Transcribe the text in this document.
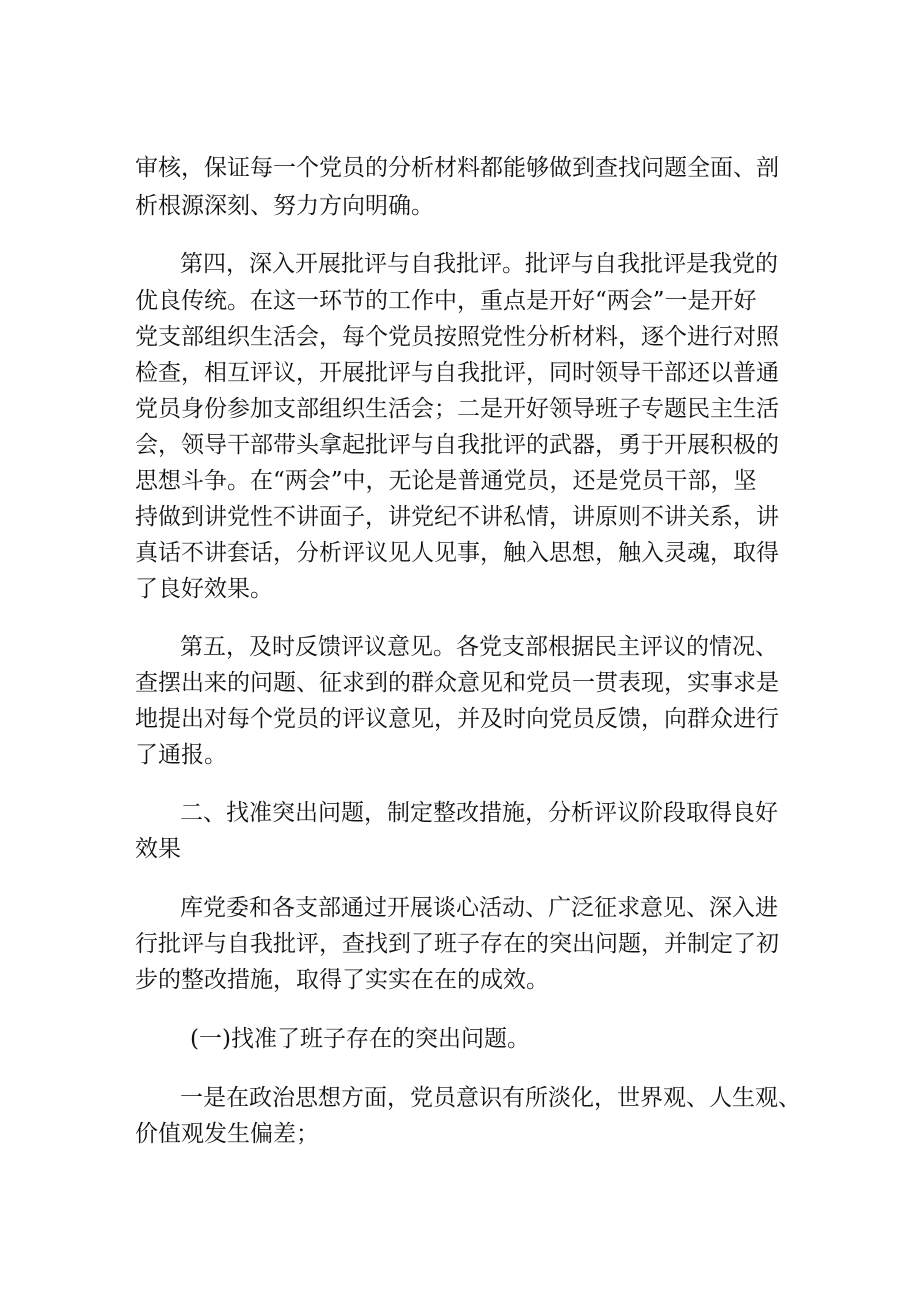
审核，保证每一个党员的分析材料都能够做到查找问题全面、剖

析根源深刻、努力方向明确。

第四，深入开展批评与自我批评。批评与自我批评是我党的

优良传统。在这一环节的工作中，重点是开好“两会”一是开好

党支部组织生活会，每个党员按照党性分析材料，逐个进行对照

检查，相互评议，开展批评与自我批评，同时领导干部还以普通

党员身份参加支部组织生活会；二是开好领导班子专题民主生活

会，领导干部带头拿起批评与自我批评的武器，勇于开展积极的

思想斗争。在“两会”中，无论是普通党员，还是党员干部，坚

持做到讲党性不讲面子，讲党纪不讲私情，讲原则不讲关系，讲

真话不讲套话，分析评议见人见事，触入思想，触入灵魂，取得

了良好效果。

第五，及时反馈评议意见。各党支部根据民主评议的情况、

查摆出来的问题、征求到的群众意见和党员一贯表现，实事求是

地提出对每个党员的评议意见，并及时向党员反馈，向群众进行

了通报。

二、找准突出问题，制定整改措施，分析评议阶段取得良好

效果

库党委和各支部通过开展谈心活动、广泛征求意见、深入进

行批评与自我批评，查找到了班子存在的突出问题，并制定了初

步的整改措施，取得了实实在在的成效。

(一)找准了班子存在的突出问题。

一是在政治思想方面，党员意识有所淡化，世界观、人生观、

价值观发生偏差；
